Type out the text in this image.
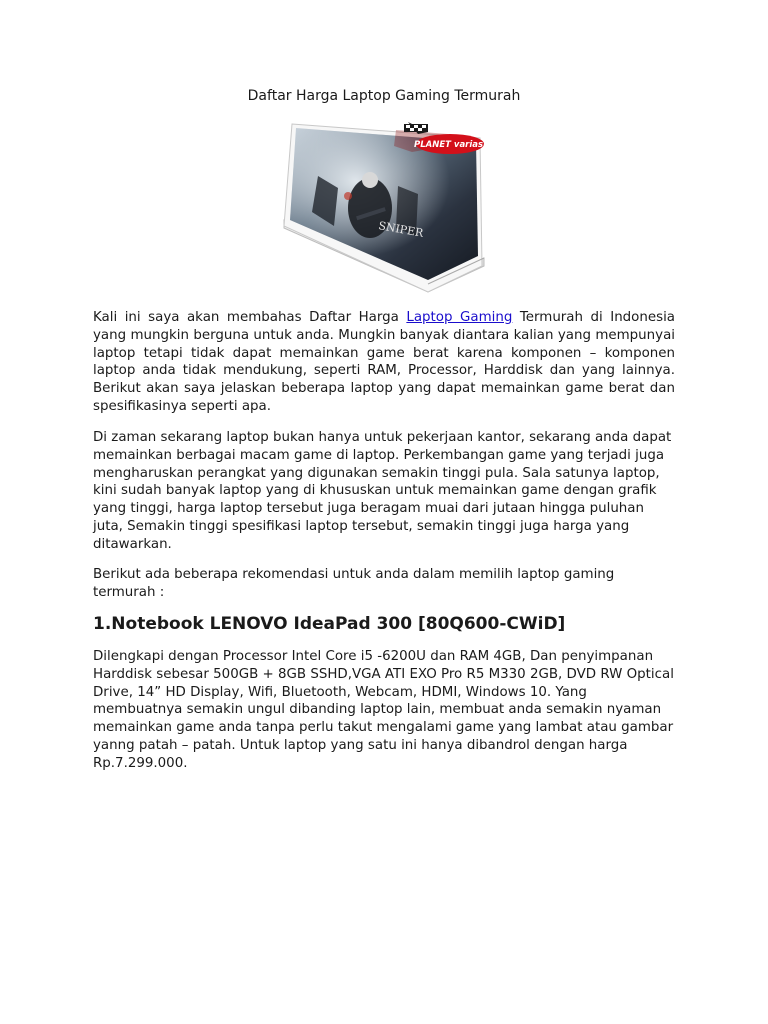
Daftar Harga Laptop Gaming Termurah
SNIPER
PLANET variasi

Kali ini saya akan membahas Daftar Harga Laptop Gaming Termurah di Indonesia yang mungkin berguna untuk anda. Mungkin banyak diantara kalian yang mempunyai laptop tetapi tidak dapat memainkan game berat karena komponen – komponen laptop anda tidak mendukung, seperti RAM, Processor, Harddisk dan yang lainnya. Berikut akan saya jelaskan beberapa laptop yang dapat memainkan game berat dan spesifikasinya seperti apa.

Di zaman sekarang laptop bukan hanya untuk pekerjaan kantor, sekarang anda dapat memainkan berbagai macam game di laptop. Perkembangan game yang terjadi juga mengharuskan perangkat yang digunakan semakin tinggi pula. Sala satunya laptop, kini sudah banyak laptop yang di khususkan untuk memainkan game dengan grafik yang tinggi, harga laptop tersebut juga beragam muai dari jutaan hingga puluhan juta, Semakin tinggi spesifikasi laptop tersebut, semakin tinggi juga harga yang ditawarkan.

Berikut ada beberapa rekomendasi untuk anda dalam memilih laptop gaming termurah :

1.Notebook LENOVO IdeaPad 300 [80Q600-CWiD]

Dilengkapi dengan Processor Intel Core i5 -6200U dan RAM 4GB, Dan penyimpanan Harddisk sebesar 500GB + 8GB SSHD,VGA ATI EXO Pro R5 M330 2GB, DVD RW Optical Drive, 14” HD Display, Wifi, Bluetooth, Webcam, HDMI, Windows 10. Yang membuatnya semakin ungul dibanding laptop lain, membuat anda semakin nyaman memainkan game anda tanpa perlu takut mengalami game yang lambat atau gambar yanng patah – patah. Untuk laptop yang satu ini hanya dibandrol dengan harga Rp.7.299.000.
